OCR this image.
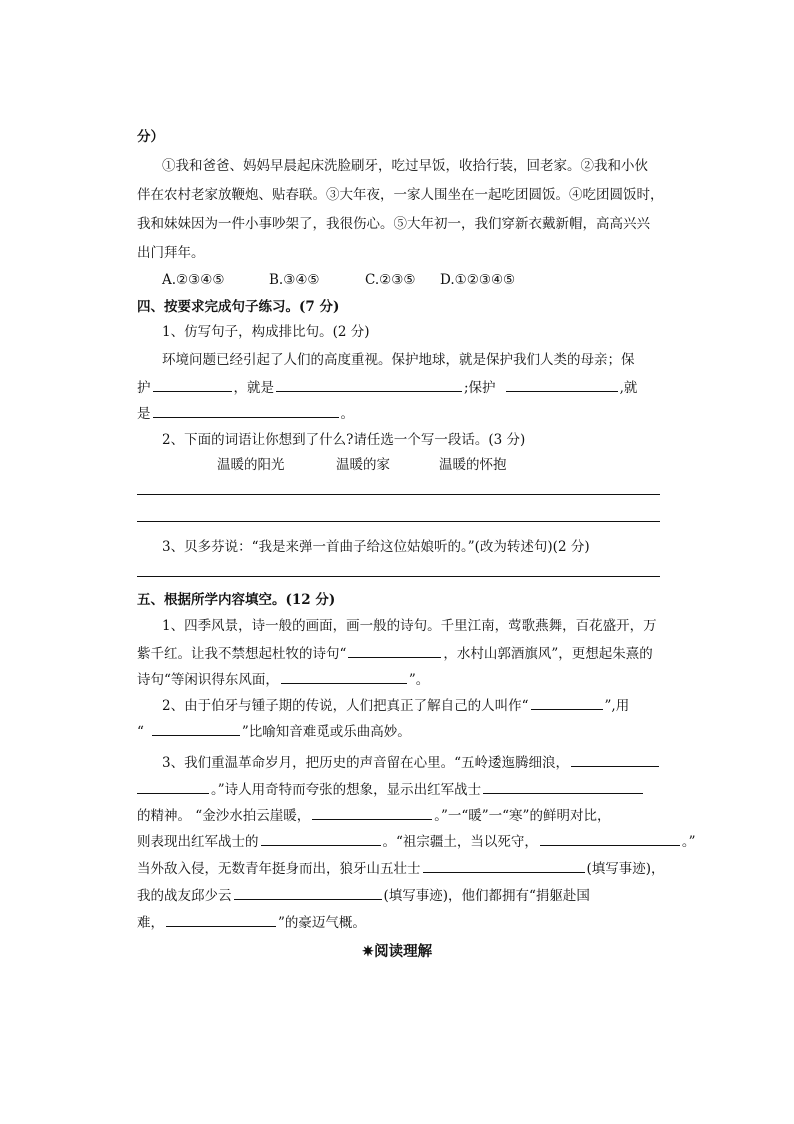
分）
①我和爸爸、妈妈早晨起床洗脸刷牙，吃过早饭，收拾行装，回老家。②我和小伙
伴在农村老家放鞭炮、贴春联。③大年夜，一家人围坐在一起吃团圆饭。④吃团圆饭时，
我和妹妹因为一件小事吵架了，我很伤心。⑤大年初一，我们穿新衣戴新帽，高高兴兴
出门拜年。
A.②③④⑤	B.③④⑤	C.②③⑤ D.①②③④⑤
四、按要求完成句子练习。(7 分)
1、仿写句子，构成排比句。(2 分)
环境问题已经引起了人们的高度重视。保护地球，就是保护我们人类的母亲；保
护	，就是	;保护	,就
是	。
2、下面的词语让你想到了什么?请任选一个写一段话。(3 分)
温暖的阳光	温暖的家	温暖的怀抱
3、贝多芬说：“我是来弹一首曲子给这位姑娘听的。”(改为转述句)(2 分)
五、根据所学内容填空。(12 分)
1、四季风景，诗一般的画面，画一般的诗句。千里江南，莺歌燕舞，百花盛开，万
紫千红。让我不禁想起杜牧的诗句“	，水村山郭酒旗风”，更想起朱熹的
诗句“等闲识得东风面，	”。
2、由于伯牙与锺子期的传说，人们把真正了解自己的人叫作“	”,用
“	”比喻知音难觅或乐曲高妙。
3、我们重温革命岁月，把历史的声音留在心里。“五岭逶迤腾细浪，
。”诗人用奇特而夸张的想象，显示出红军战士
的精神。 “金沙水拍云崖暖，	。”一“暖”一“寒”的鲜明对比，
则表现出红军战士的	。“祖宗疆土，当以死守，	。”
当外敌入侵，无数青年挺身而出，狼牙山五壮士	(填写事迹)，
我的战友邱少云	(填写事迹)，他们都拥有“捐躯赴国
难，	”的豪迈气概。
✷阅读理解
